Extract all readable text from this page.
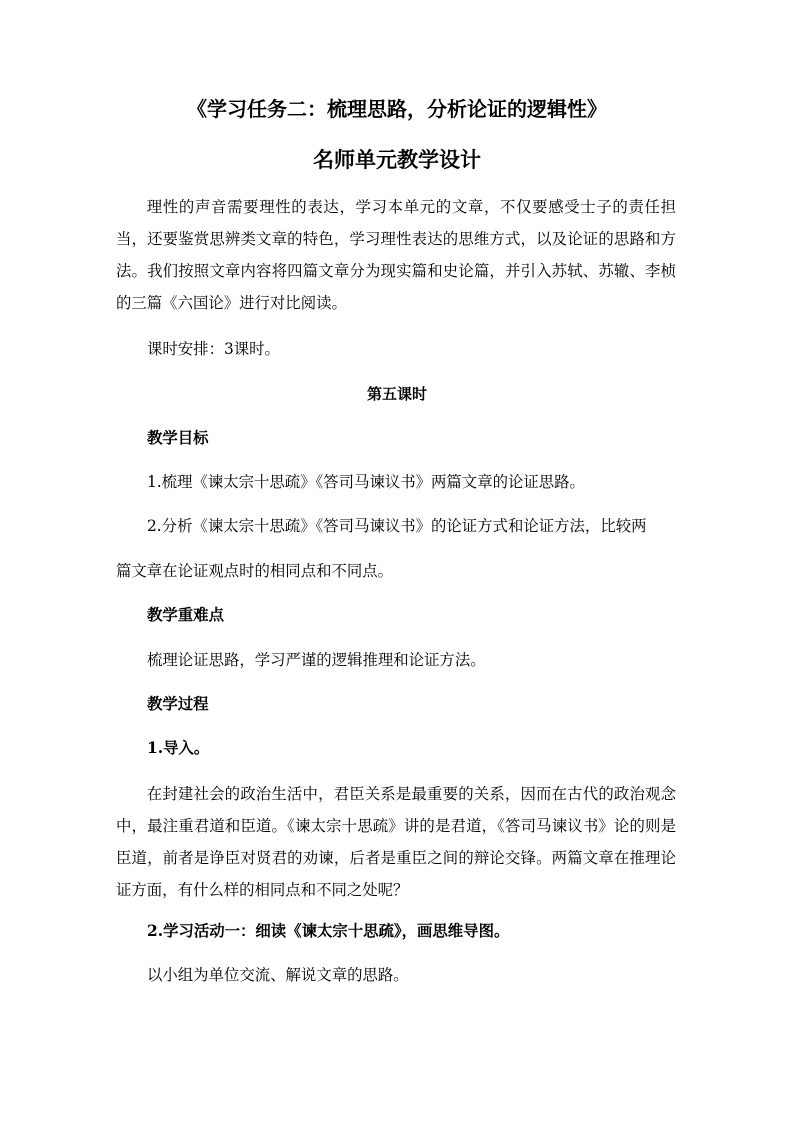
《学习任务二：梳理思路，分析论证的逻辑性》
名师单元教学设计

理性的声音需要理性的表达，学习本单元的文章，不仅要感受士子的责任担当，还要鉴赏思辨类文章的特色，学习理性表达的思维方式，以及论证的思路和方法。我们按照文章内容将四篇文章分为现实篇和史论篇，并引入苏轼、苏辙、李桢的三篇《六国论》进行对比阅读。

课时安排：3课时。

第五课时

教学目标

1.梳理《谏太宗十思疏》《答司马谏议书》两篇文章的论证思路。

2.分析《谏太宗十思疏》《答司马谏议书》的论证方式和论证方法，比较两

篇文章在论证观点时的相同点和不同点。

教学重难点

梳理论证思路，学习严谨的逻辑推理和论证方法。

教学过程

1.导入。

在封建社会的政治生活中，君臣关系是最重要的关系，因而在古代的政治观念中，最注重君道和臣道。《谏太宗十思疏》讲的是君道，《答司马谏议书》论的则是臣道，前者是诤臣对贤君的劝谏，后者是重臣之间的辩论交锋。两篇文章在推理论证方面，有什么样的相同点和不同之处呢？

2.学习活动一：细读《谏太宗十思疏》，画思维导图。

以小组为单位交流、解说文章的思路。
